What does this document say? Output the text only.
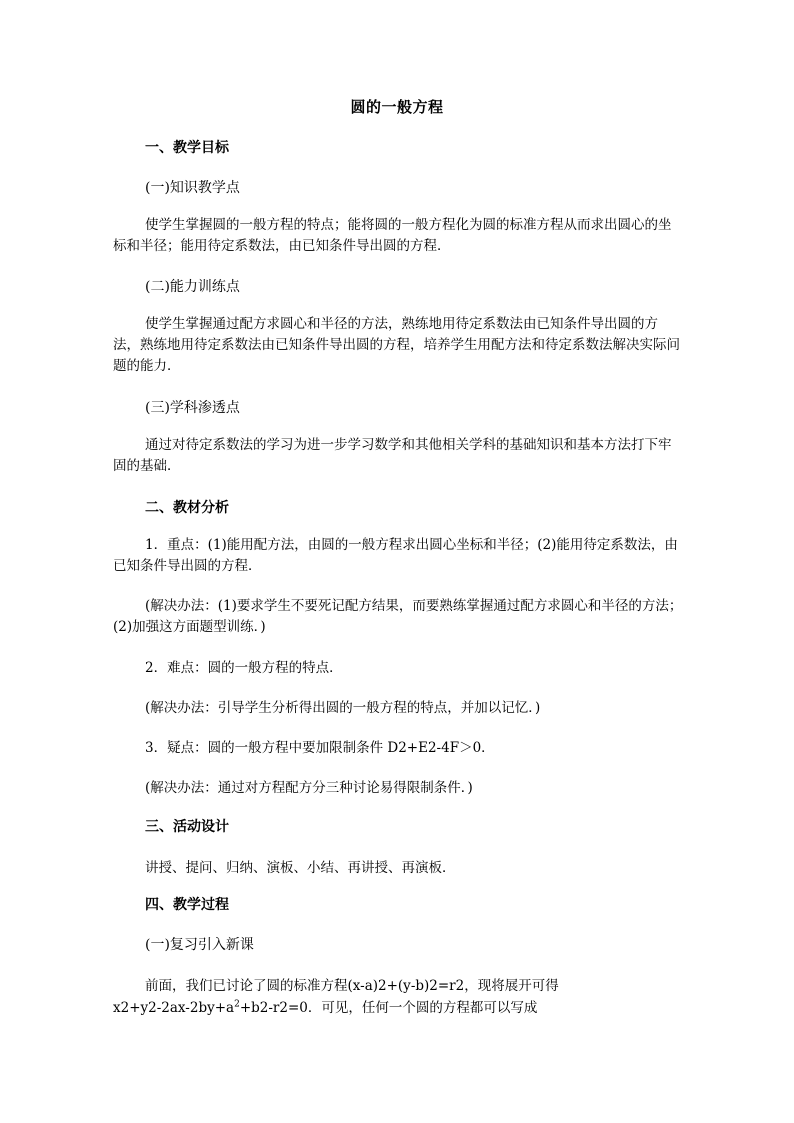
圆的一般方程
一、教学目标
(一)知识教学点
使学生掌握圆的一般方程的特点；能将圆的一般方程化为圆的标准方程从而求出圆心的坐标和半径；能用待定系数法，由已知条件导出圆的方程．
(二)能力训练点
使学生掌握通过配方求圆心和半径的方法，熟练地用待定系数法由已知条件导出圆的方法，熟练地用待定系数法由已知条件导出圆的方程，培养学生用配方法和待定系数法解决实际问题的能力．
(三)学科渗透点
通过对待定系数法的学习为进一步学习数学和其他相关学科的基础知识和基本方法打下牢固的基础．
二、教材分析
1．重点：(1)能用配方法，由圆的一般方程求出圆心坐标和半径；(2)能用待定系数法，由已知条件导出圆的方程．
(解决办法：(1)要求学生不要死记配方结果，而要熟练掌握通过配方求圆心和半径的方法；(2)加强这方面题型训练．)
2．难点：圆的一般方程的特点．
(解决办法：引导学生分析得出圆的一般方程的特点，并加以记忆．)
3．疑点：圆的一般方程中要加限制条件 D2+E2-4F＞0．
(解决办法：通过对方程配方分三种讨论易得限制条件．)
三、活动设计
讲授、提问、归纳、演板、小结、再讲授、再演板．
四、教学过程
(一)复习引入新课
前面，我们已讨论了圆的标准方程(x-a)2+(y-b)2=r2，现将展开可得
$x2+y2-2ax-2by+a^2+b2-r2=0$．可见，任何一个圆的方程都可以写成
